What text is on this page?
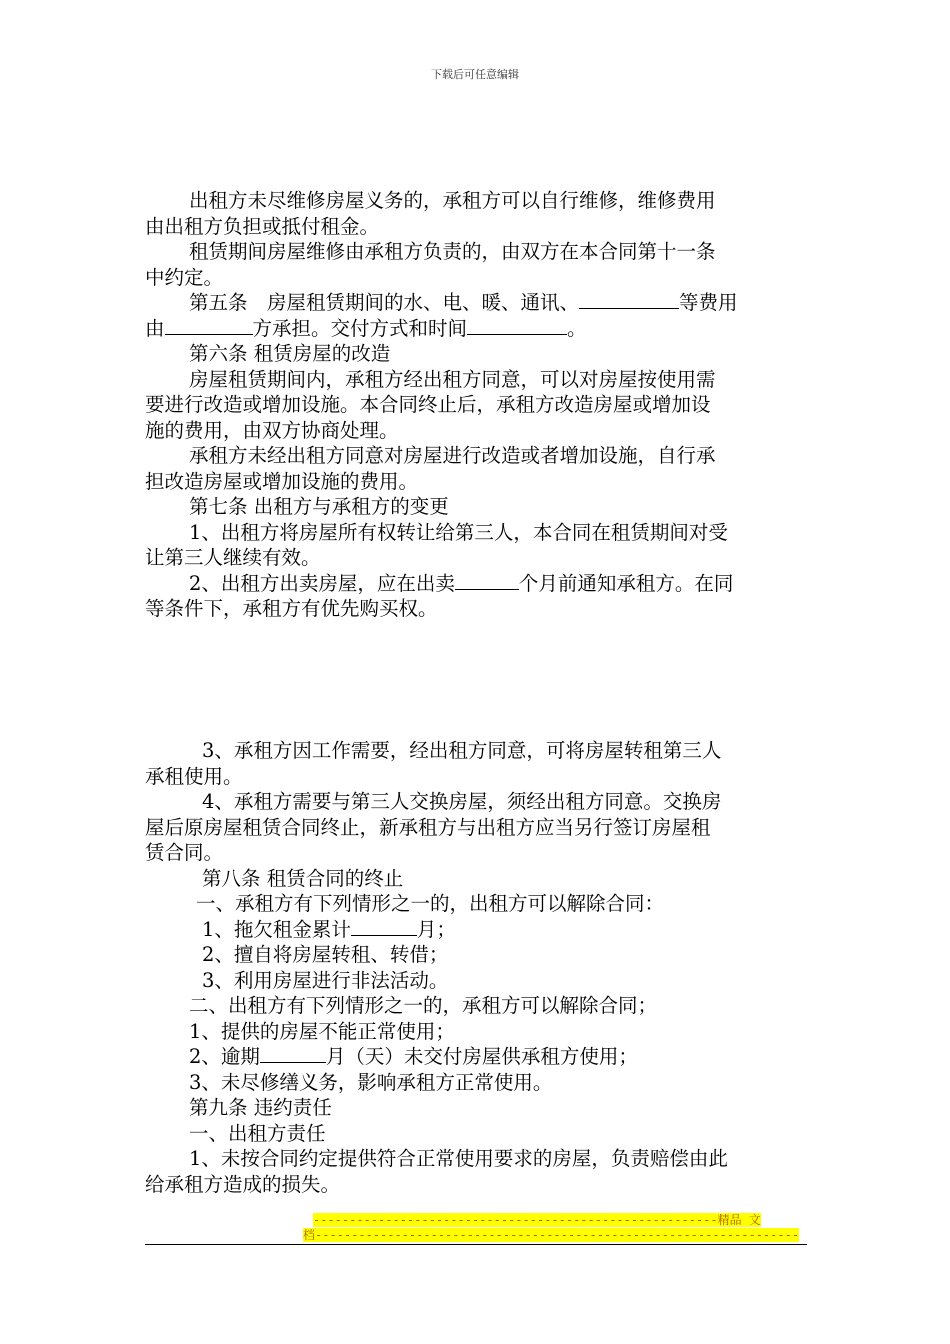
下载后可任意编辑

出租方未尽维修房屋义务的，承租方可以自行维修，维修费用

由出租方负担或抵付租金。

租赁期间房屋维修由承租方负责的，由双方在本合同第十一条

中约定。

第五条　房屋租赁期间的水、电、暖、通讯、	等费用

由	方承担。交付方式和时间	。

第六条 租赁房屋的改造

房屋租赁期间内，承租方经出租方同意，可以对房屋按使用需

要进行改造或增加设施。本合同终止后，承租方改造房屋或增加设

施的费用，由双方协商处理。

承租方未经出租方同意对房屋进行改造或者增加设施，自行承

担改造房屋或增加设施的费用。

第七条 出租方与承租方的变更

1、出租方将房屋所有权转让给第三人，本合同在租赁期间对受

让第三人继续有效。

2、出租方出卖房屋，应在出卖	个月前通知承租方。在同

等条件下，承租方有优先购买权。

3、承租方因工作需要，经出租方同意，可将房屋转租第三人

承租使用。

4、承租方需要与第三人交换房屋，须经出租方同意。交换房

屋后原房屋租赁合同终止，新承租方与出租方应当另行签订房屋租

赁合同。

第八条 租赁合同的终止

一、承租方有下列情形之一的，出租方可以解除合同：

1、拖欠租金累计	月；

2、擅自将房屋转租、转借；

3、利用房屋进行非法活动。

二、出租方有下列情形之一的，承租方可以解除合同；

1、提供的房屋不能正常使用；

2、逾期	月（天）未交付房屋供承租方使用；

3、未尽修缮义务，影响承租方正常使用。

第九条 违约责任

一、出租方责任

1、未按合同约定提供符合正常使用要求的房屋，负责赔偿由此

给承租方造成的损失。

--------------------------------------------------------精品 文
档-------------------------------------------------------------------
